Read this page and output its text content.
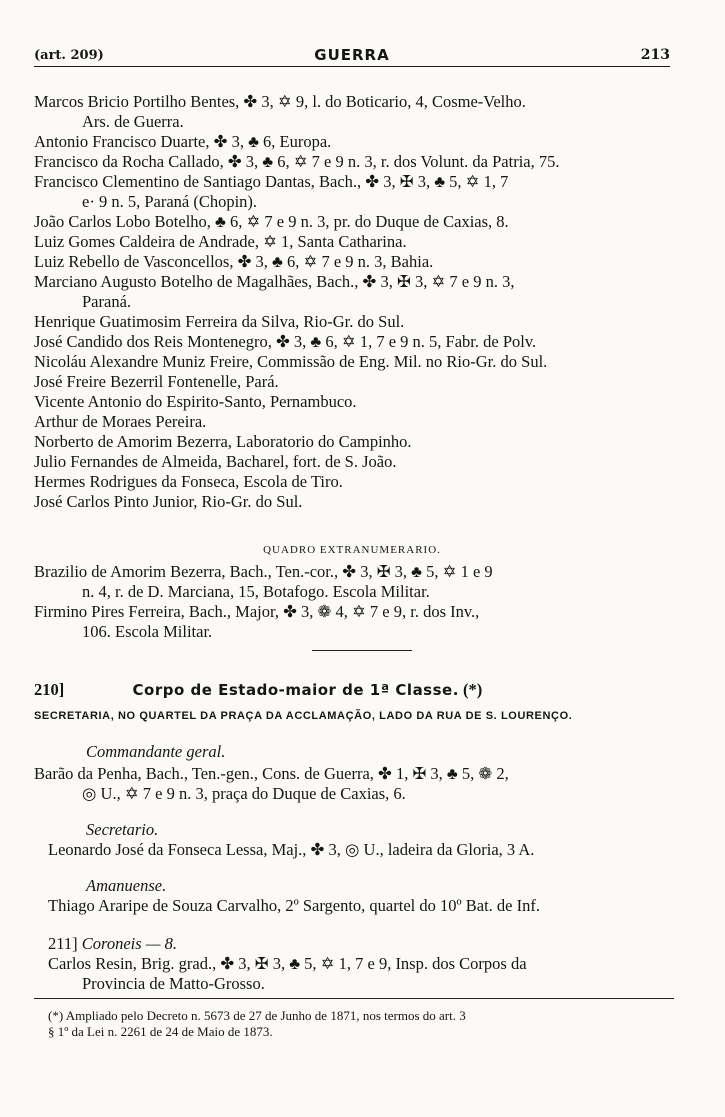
(art. 209)	GUERRA	213
Marcos Bricio Portilho Bentes, ✤ 3, ✡ 9, l. do Boticario, 4, Cosme-Velho.
Ars. de Guerra.
Antonio Francisco Duarte, ✤ 3, ♣ 6, Europa.
Francisco da Rocha Callado, ✤ 3, ♣ 6, ✡ 7 e 9 n. 3, r. dos Volunt. da Patria, 75.
Francisco Clementino de Santiago Dantas, Bach., ✤ 3, ✠ 3, ♣ 5, ✡ 1, 7
e· 9 n. 5, Paraná (Chopin).
João Carlos Lobo Botelho, ♣ 6, ✡ 7 e 9 n. 3, pr. do Duque de Caxias, 8.
Luiz Gomes Caldeira de Andrade, ✡ 1, Santa Catharina.
Luiz Rebello de Vasconcellos, ✤ 3, ♣ 6, ✡ 7 e 9 n. 3, Bahia.
Marciano Augusto Botelho de Magalhães, Bach., ✤ 3, ✠ 3, ✡ 7 e 9 n. 3,
Paraná.
Henrique Guatimosim Ferreira da Silva, Rio-Gr. do Sul.
José Candido dos Reis Montenegro, ✤ 3, ♣ 6, ✡ 1, 7 e 9 n. 5, Fabr. de Polv.
Nicoláu Alexandre Muniz Freire, Commissão de Eng. Mil. no Rio-Gr. do Sul.
José Freire Bezerril Fontenelle, Pará.
Vicente Antonio do Espirito-Santo, Pernambuco.
Arthur de Moraes Pereira.
Norberto de Amorim Bezerra, Laboratorio do Campinho.
Julio Fernandes de Almeida, Bacharel, fort. de S. João.
Hermes Rodrigues da Fonseca, Escola de Tiro.
José Carlos Pinto Junior, Rio-Gr. do Sul.
QUADRO EXTRANUMERARIO.
Brazilio de Amorim Bezerra, Bach., Ten.-cor., ✤ 3, ✠ 3, ♣ 5, ✡ 1 e 9
n. 4, r. de D. Marciana, 15, Botafogo. Escola Militar.
Firmino Pires Ferreira, Bach., Major, ✤ 3, ❁ 4, ✡ 7 e 9, r. dos Inv.,
106. Escola Militar.
210]	Corpo de Estado-maior de 1ª Classe. (*)
SECRETARIA, NO QUARTEL DA PRAÇA DA ACCLAMAÇÃO, LADO DA RUA DE S. LOURENÇO.
Commandante geral.
Barão da Penha, Bach., Ten.-gen., Cons. de Guerra, ✤ 1, ✠ 3, ♣ 5, ❁ 2,
◎ U., ✡ 7 e 9 n. 3, praça do Duque de Caxias, 6.
Secretario.
Leonardo José da Fonseca Lessa, Maj., ✤ 3, ◎ U., ladeira da Gloria, 3 A.
Amanuense.
Thiago Araripe de Souza Carvalho, 2º Sargento, quartel do 10º Bat. de Inf.
211] Coroneis — 8.
Carlos Resin, Brig. grad., ✤ 3, ✠ 3, ♣ 5, ✡ 1, 7 e 9, Insp. dos Corpos da
Provincia de Matto-Grosso.
(*) Ampliado pelo Decreto n. 5673 de 27 de Junho de 1871, nos termos do art. 3
§ 1º da Lei n. 2261 de 24 de Maio de 1873.
